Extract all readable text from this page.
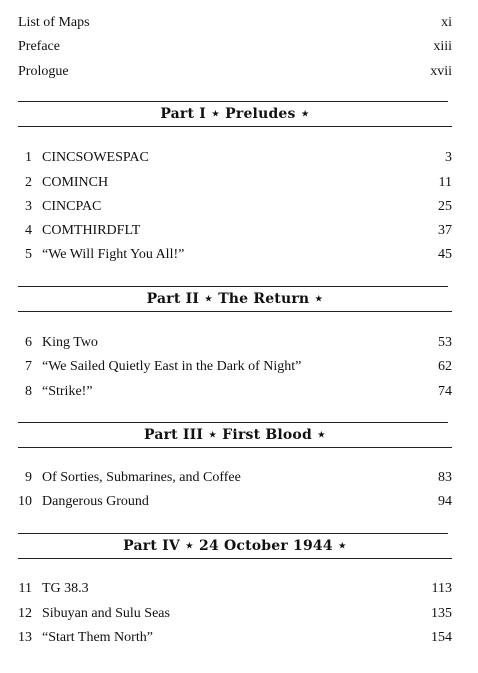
List of Maps	xi
Preface	xiii
Prologue	xvii
Part I ⋆ Preludes ⋆
1 CINCSOWESPAC	3
2 COMINCH	11
3 CINCPAC	25
4 COMTHIRDFLT	37
5 “We Will Fight You All!”	45
Part II ⋆ The Return ⋆
6 King Two	53
7 “We Sailed Quietly East in the Dark of Night”	62
8 “Strike!”	74
Part III ⋆ First Blood ⋆
9 Of Sorties, Submarines, and Coffee	83
10 Dangerous Ground	94
Part IV ⋆ 24 October 1944 ⋆
11 TG 38.3	113
12 Sibuyan and Sulu Seas	135
13 “Start Them North”	154
